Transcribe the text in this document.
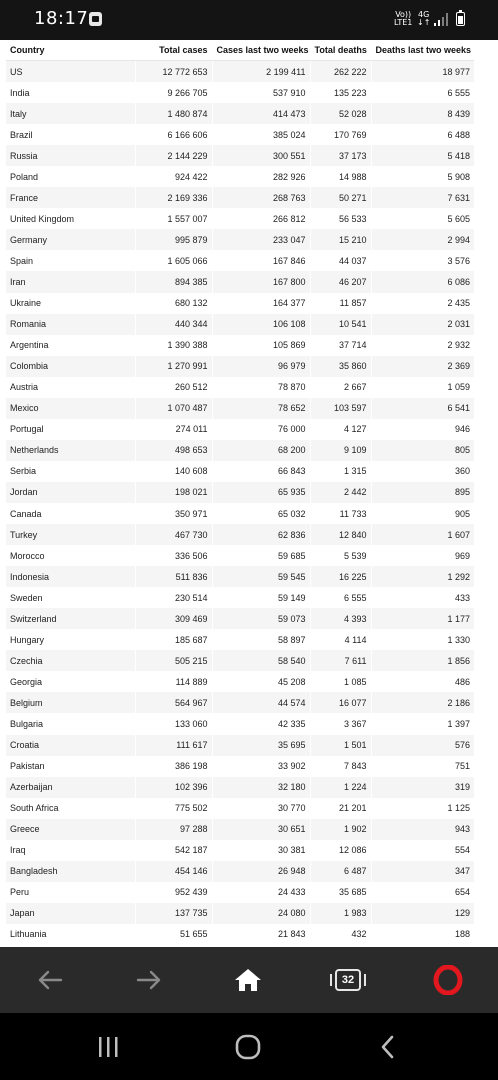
18:17	Vo))
LTE1
4G
↓↑
Country	Total cases	Cases last two weeks	Total deaths	Deaths last two weeks
US	12 772 653	2 199 411	262 222	18 977
India	9 266 705	537 910	135 223	6 555
Italy	1 480 874	414 473	52 028	8 439
Brazil	6 166 606	385 024	170 769	6 488
Russia	2 144 229	300 551	37 173	5 418
Poland	924 422	282 926	14 988	5 908
France	2 169 336	268 763	50 271	7 631
United Kingdom	1 557 007	266 812	56 533	5 605
Germany	995 879	233 047	15 210	2 994
Spain	1 605 066	167 846	44 037	3 576
Iran	894 385	167 800	46 207	6 086
Ukraine	680 132	164 377	11 857	2 435
Romania	440 344	106 108	10 541	2 031
Argentina	1 390 388	105 869	37 714	2 932
Colombia	1 270 991	96 979	35 860	2 369
Austria	260 512	78 870	2 667	1 059
Mexico	1 070 487	78 652	103 597	6 541
Portugal	274 011	76 000	4 127	946
Netherlands	498 653	68 200	9 109	805
Serbia	140 608	66 843	1 315	360
Jordan	198 021	65 935	2 442	895
Canada	350 971	65 032	11 733	905
Turkey	467 730	62 836	12 840	1 607
Morocco	336 506	59 685	5 539	969
Indonesia	511 836	59 545	16 225	1 292
Sweden	230 514	59 149	6 555	433
Switzerland	309 469	59 073	4 393	1 177
Hungary	185 687	58 897	4 114	1 330
Czechia	505 215	58 540	7 611	1 856
Georgia	114 889	45 208	1 085	486
Belgium	564 967	44 574	16 077	2 186
Bulgaria	133 060	42 335	3 367	1 397
Croatia	111 617	35 695	1 501	576
Pakistan	386 198	33 902	7 843	751
Azerbaijan	102 396	32 180	1 224	319
South Africa	775 502	30 770	21 201	1 125
Greece	97 288	30 651	1 902	943
Iraq	542 187	30 381	12 086	554
Bangladesh	454 146	26 948	6 487	347
Peru	952 439	24 433	35 685	654
Japan	137 735	24 080	1 983	129
Lithuania	51 655	21 843	432	188
32
